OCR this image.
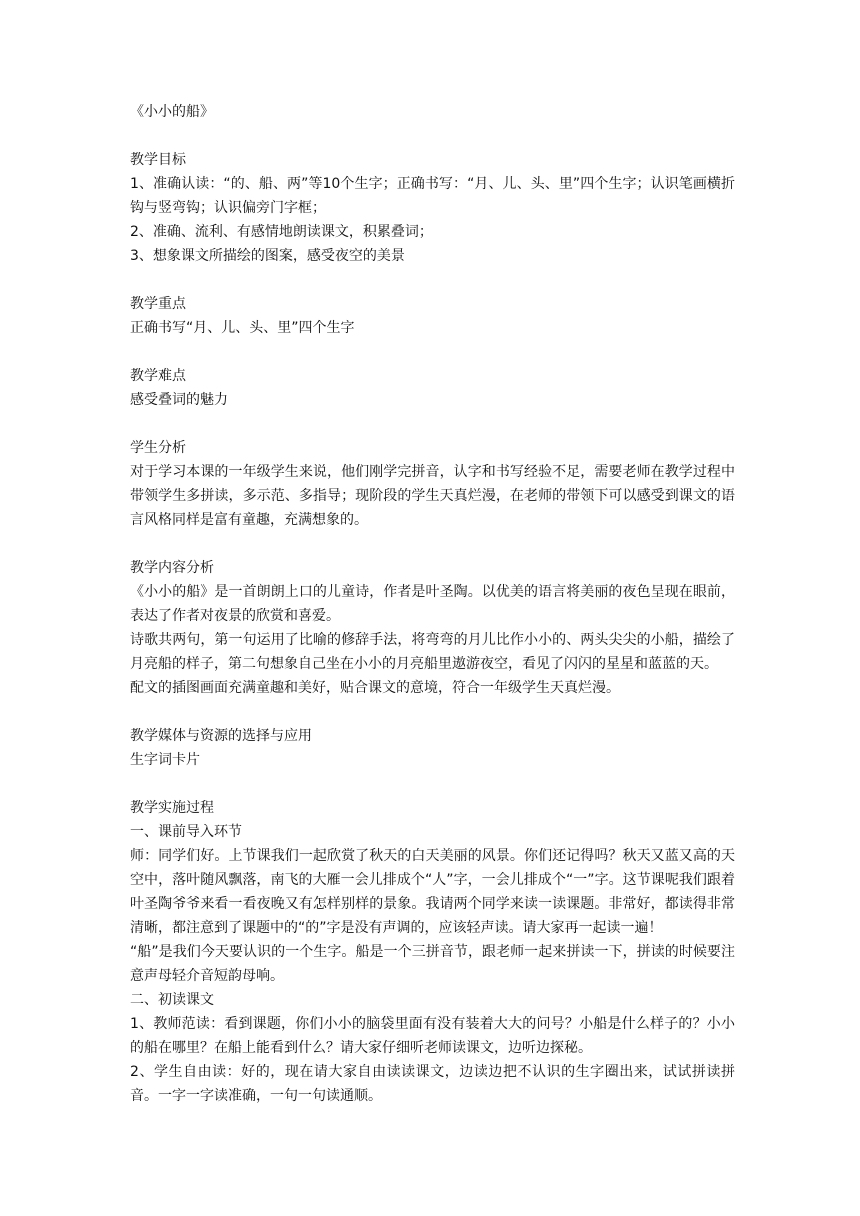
《小小的船》

教学目标

1、准确认读：“的、船、两”等10个生字；正确书写：“月、儿、头、里”四个生字；认识笔画横折钩与竖弯钩；认识偏旁门字框；

2、准确、流利、有感情地朗读课文，积累叠词；

3、想象课文所描绘的图案，感受夜空的美景

教学重点

正确书写“月、儿、头、里”四个生字

教学难点

感受叠词的魅力

学生分析

对于学习本课的一年级学生来说，他们刚学完拼音，认字和书写经验不足，需要老师在教学过程中带领学生多拼读，多示范、多指导；现阶段的学生天真烂漫，在老师的带领下可以感受到课文的语言风格同样是富有童趣，充满想象的。

教学内容分析

《小小的船》是一首朗朗上口的儿童诗，作者是叶圣陶。以优美的语言将美丽的夜色呈现在眼前，表达了作者对夜景的欣赏和喜爱。

诗歌共两句，第一句运用了比喻的修辞手法，将弯弯的月儿比作小小的、两头尖尖的小船，描绘了月亮船的样子，第二句想象自己坐在小小的月亮船里遨游夜空，看见了闪闪的星星和蓝蓝的天。

配文的插图画面充满童趣和美好，贴合课文的意境，符合一年级学生天真烂漫。

教学媒体与资源的选择与应用

生字词卡片

教学实施过程

一、课前导入环节

师：同学们好。上节课我们一起欣赏了秋天的白天美丽的风景。你们还记得吗？秋天又蓝又高的天空中，落叶随风飘落，南飞的大雁一会儿排成个“人”字，一会儿排成个“一”字。这节课呢我们跟着叶圣陶爷爷来看一看夜晚又有怎样别样的景象。我请两个同学来读一读课题。非常好，都读得非常清晰，都注意到了课题中的“的”字是没有声调的，应该轻声读。请大家再一起读一遍！

“船”是我们今天要认识的一个生字。船是一个三拼音节，跟老师一起来拼读一下，拼读的时候要注意声母轻介音短韵母响。

二、初读课文

1、教师范读：看到课题，你们小小的脑袋里面有没有装着大大的问号？小船是什么样子的？小小的船在哪里？在船上能看到什么？请大家仔细听老师读课文，边听边探秘。

2、学生自由读：好的，现在请大家自由读读课文，边读边把不认识的生字圈出来，试试拼读拼音。一字一字读准确，一句一句读通顺。
